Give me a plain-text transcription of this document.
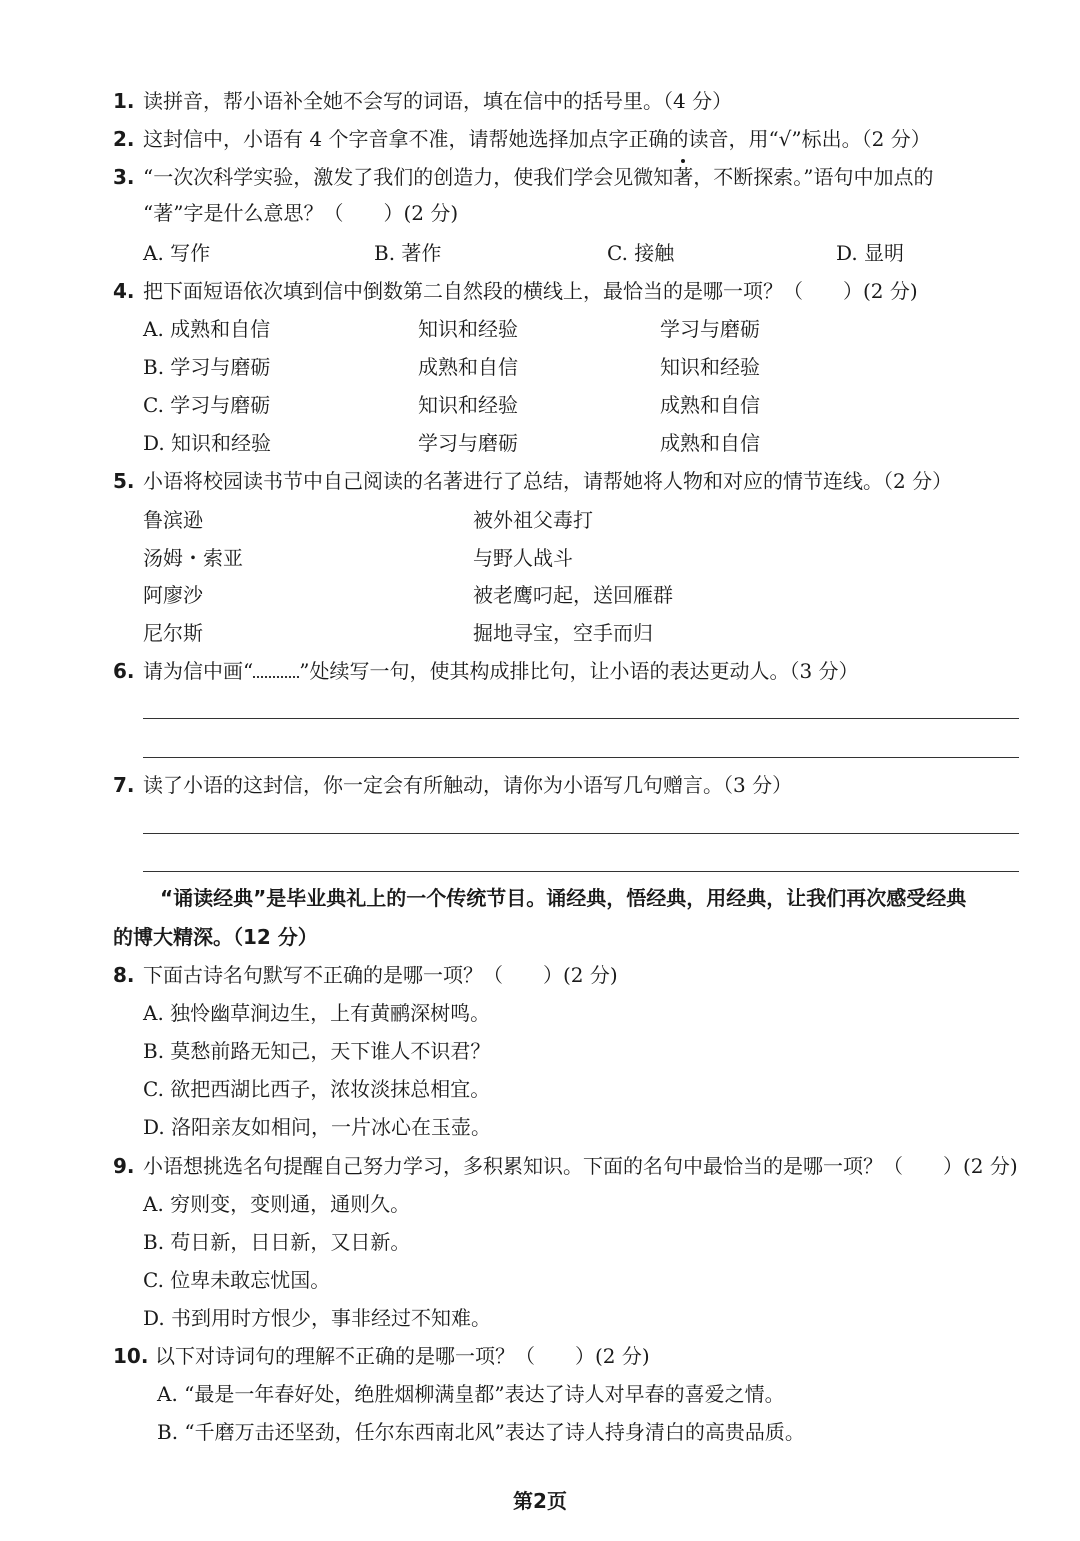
1. 读拼音，帮小语补全她不会写的词语，填在信中的括号里。（4 分）
2. 这封信中，小语有 4 个字音拿不准，请帮她选择加点字正确的读音，用“√”标出。（2 分）
3. “一次次科学实验，激发了我们的创造力，使我们学会见微知著，不断探索。”语句中加点的
“著”字是什么意思？（　　）(2 分)
A. 写作	B. 著作	C. 接触	D. 显明
4. 把下面短语依次填到信中倒数第二自然段的横线上，最恰当的是哪一项？（　　）(2 分)
A. 成熟和自信	知识和经验	学习与磨砺
B. 学习与磨砺	成熟和自信	知识和经验
C. 学习与磨砺	知识和经验	成熟和自信
D. 知识和经验	学习与磨砺	成熟和自信
5. 小语将校园读书节中自己阅读的名著进行了总结，请帮她将人物和对应的情节连线。（2 分）
鲁滨逊	被外祖父毒打
汤姆・索亚	与野人战斗
阿廖沙	被老鹰叼起，送回雁群
尼尔斯	掘地寻宝，空手而归
6. 请为信中画“ ”处续写一句，使其构成排比句，让小语的表达更动人。（3 分）
7. 读了小语的这封信，你一定会有所触动，请你为小语写几句赠言。（3 分）
“诵读经典”是毕业典礼上的一个传统节目。诵经典，悟经典，用经典，让我们再次感受经典
的博大精深。（12 分）
8. 下面古诗名句默写不正确的是哪一项？（　　）(2 分)
A. 独怜幽草涧边生，上有黄鹂深树鸣。
B. 莫愁前路无知己，天下谁人不识君？
C. 欲把西湖比西子，浓妆淡抹总相宜。
D. 洛阳亲友如相问，一片冰心在玉壶。
9. 小语想挑选名句提醒自己努力学习，多积累知识。下面的名句中最恰当的是哪一项？（　　）(2 分)
A. 穷则变，变则通，通则久。
B. 苟日新，日日新，又日新。
C. 位卑未敢忘忧国。
D. 书到用时方恨少，事非经过不知难。
10. 以下对诗词句的理解不正确的是哪一项？（　　）(2 分)
A. “最是一年春好处，绝胜烟柳满皇都”表达了诗人对早春的喜爱之情。
B. “千磨万击还坚劲，任尔东西南北风”表达了诗人持身清白的高贵品质。
第2页
